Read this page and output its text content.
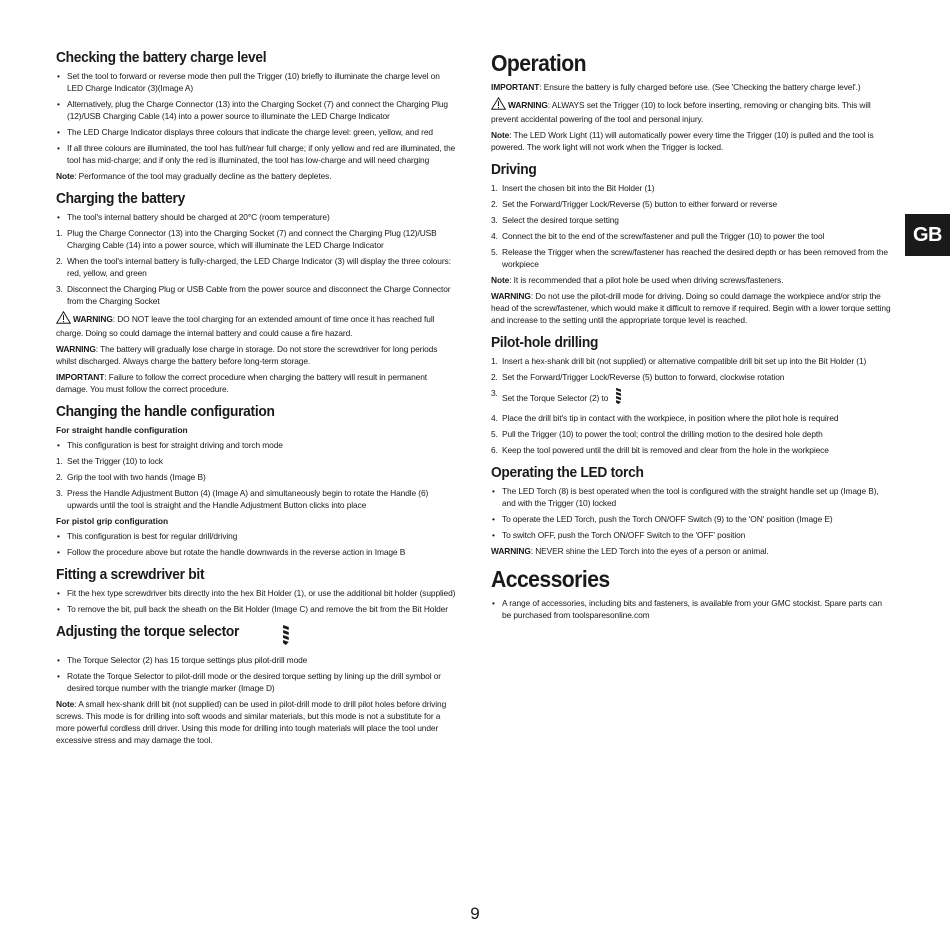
Checking the battery charge level
• Set the tool to forward or reverse mode then pull the Trigger (10) briefly to illuminate the charge level on LED Charge Indicator (3)(Image A)
• Alternatively, plug the Charge Connector (13) into the Charging Socket (7) and connect the Charging Plug (12)/USB Charging Cable (14) into a power source to illuminate the LED Charge Indicator
• The LED Charge Indicator displays three colours that indicate the charge level: green, yellow, and red
• If all three colours are illuminated, the tool has full/near full charge; if only yellow and red are illuminated, the tool has mid-charge; and if only the red is illuminated, the tool has low-charge and will need charging

Note: Performance of the tool may gradually decline as the battery depletes.

Charging the battery
• The tool's internal battery should be charged at 20°C (room temperature)
1. Plug the Charge Connector (13) into the Charging Socket (7) and connect the Charging Plug (12)/USB Charging Cable (14) into a power source, which will illuminate the LED Charge Indicator
2. When the tool's internal battery is fully-charged, the LED Charge Indicator (3) will display the three colours: red, yellow, and green
3. Disconnect the Charging Plug or USB Cable from the power source and disconnect the Charge Connector from the Charging Socket

WARNING: DO NOT leave the tool charging for an extended amount of time once it has reached full charge. Doing so could damage the internal battery and could cause a fire hazard.

WARNING: The battery will gradually lose charge in storage. Do not store the screwdriver for long periods whilst discharged. Always charge the battery before long-term storage.

IMPORTANT: Failure to follow the correct procedure when charging the battery will result in permanent damage. You must follow the correct procedure.

Changing the handle configuration
For straight handle configuration
• This configuration is best for straight driving and torch mode
1. Set the Trigger (10) to lock
2. Grip the tool with two hands (Image B)
3. Press the Handle Adjustment Button (4) (Image A) and simultaneously begin to rotate the Handle (6) upwards until the tool is straight and the Handle Adjustment Button clicks into place
For pistol grip configuration
• This configuration is best for regular drill/driving
• Follow the procedure above but rotate the handle downwards in the reverse action in Image B
Fitting a screwdriver bit
• Fit the hex type screwdriver bits directly into the hex Bit Holder (1), or use the additional bit holder (supplied)
• To remove the bit, pull back the sheath on the Bit Holder (Image C) and remove the bit from the Bit Holder
Adjusting the torque selector
• The Torque Selector (2) has 15 torque settings plus pilot-drill mode
• Rotate the Torque Selector to pilot-drill mode or the desired torque setting by lining up the drill symbol or desired torque number with the triangle marker (Image D)

Note: A small hex-shank drill bit (not supplied) can be used in pilot-drill mode to drill pilot holes before driving screws. This mode is for drilling into soft woods and similar materials, but this mode is not a substitute for a more powerful cordless drill driver. Using this mode for drilling into tough materials will place the tool under excessive stress and may damage the tool.

Operation

IMPORTANT: Ensure the battery is fully charged before use. (See 'Checking the battery charge level'.)

WARNING: ALWAYS set the Trigger (10) to lock before inserting, removing or changing bits. This will prevent accidental powering of the tool and personal injury.

Note: The LED Work Light (11) will automatically power every time the Trigger (10) is pulled and the tool is powered. The work light will not work when the Trigger is locked.

Driving
1. Insert the chosen bit into the Bit Holder (1)
2. Set the Forward/Trigger Lock/Reverse (5) button to either forward or reverse
3. Select the desired torque setting
4. Connect the bit to the end of the screw/fastener and pull the Trigger (10) to power the tool
5. Release the Trigger when the screw/fastener has reached the desired depth or has been removed from the workpiece

Note: It is recommended that a pilot hole be used when driving screws/fasteners.

WARNING: Do not use the pilot-drill mode for driving. Doing so could damage the workpiece and/or strip the head of the screw/fastener, which would make it difficult to remove if required. Begin with a lower torque setting and increase to the setting until the appropriate torque level is reached.

Pilot-hole drilling
1. Insert a hex-shank drill bit (not supplied) or alternative compatible drill bit set up into the Bit Holder (1)
2. Set the Forward/Trigger Lock/Reverse (5) button to forward, clockwise rotation
3. Set the Torque Selector (2) to
4. Place the drill bit's tip in contact with the workpiece, in position where the pilot hole is required
5. Pull the Trigger (10) to power the tool; control the drilling motion to the desired hole depth
6. Keep the tool powered until the drill bit is removed and clear from the hole in the workpiece
Operating the LED torch
• The LED Torch (8) is best operated when the tool is configured with the straight handle set up (Image B), and with the Trigger (10) locked
• To operate the LED Torch, push the Torch ON/OFF Switch (9) to the 'ON' position (Image E)
• To switch OFF, push the Torch ON/OFF Switch to the 'OFF' position

WARNING: NEVER shine the LED Torch into the eyes of a person or animal.

Accessories
• A range of accessories, including bits and fasteners, is available from your GMC stockist. Spare parts can be purchased from toolsparesonline.com
GB
9
